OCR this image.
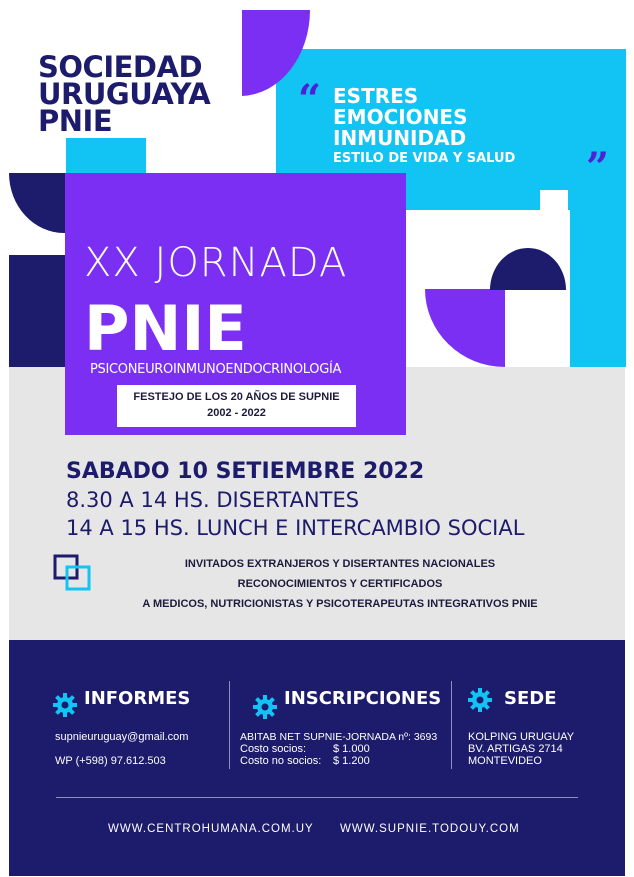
SOCIEDAD
URUGUAYA
PNIE	“ ESTRES
EMOCIONES
INMUNIDAD
ESTILO DE VIDA Y SALUD ”
XX JORNADA
PNIE
PSICONEUROINMUNOENDOCRINOLOGÍA
FESTEJO DE LOS 20 AÑOS DE SUPNIE
2002 - 2022
SABADO 10 SETIEMBRE 2022
8.30 A 14 HS. DISERTANTES
14 A 15 HS. LUNCH E INTERCAMBIO SOCIAL
INVITADOS EXTRANJEROS Y DISERTANTES NACIONALES
RECONOCIMIENTOS Y CERTIFICADOS
A MEDICOS, NUTRICIONISTAS Y PSICOTERAPEUTAS INTEGRATIVOS PNIE
INFORMES
supnieuruguay@gmail.com
WP (+598) 97.612.503
INSCRIPCIONES
ABITAB NET SUPNIE-JORNADA nº: 3693
Costo socios: $ 1.000
Costo no socios: $ 1.200
SEDE
KOLPING URUGUAY
BV. ARTIGAS 2714
MONTEVIDEO
WWW.CENTROHUMANA.COM.UY WWW.SUPNIE.TODOUY.COM
